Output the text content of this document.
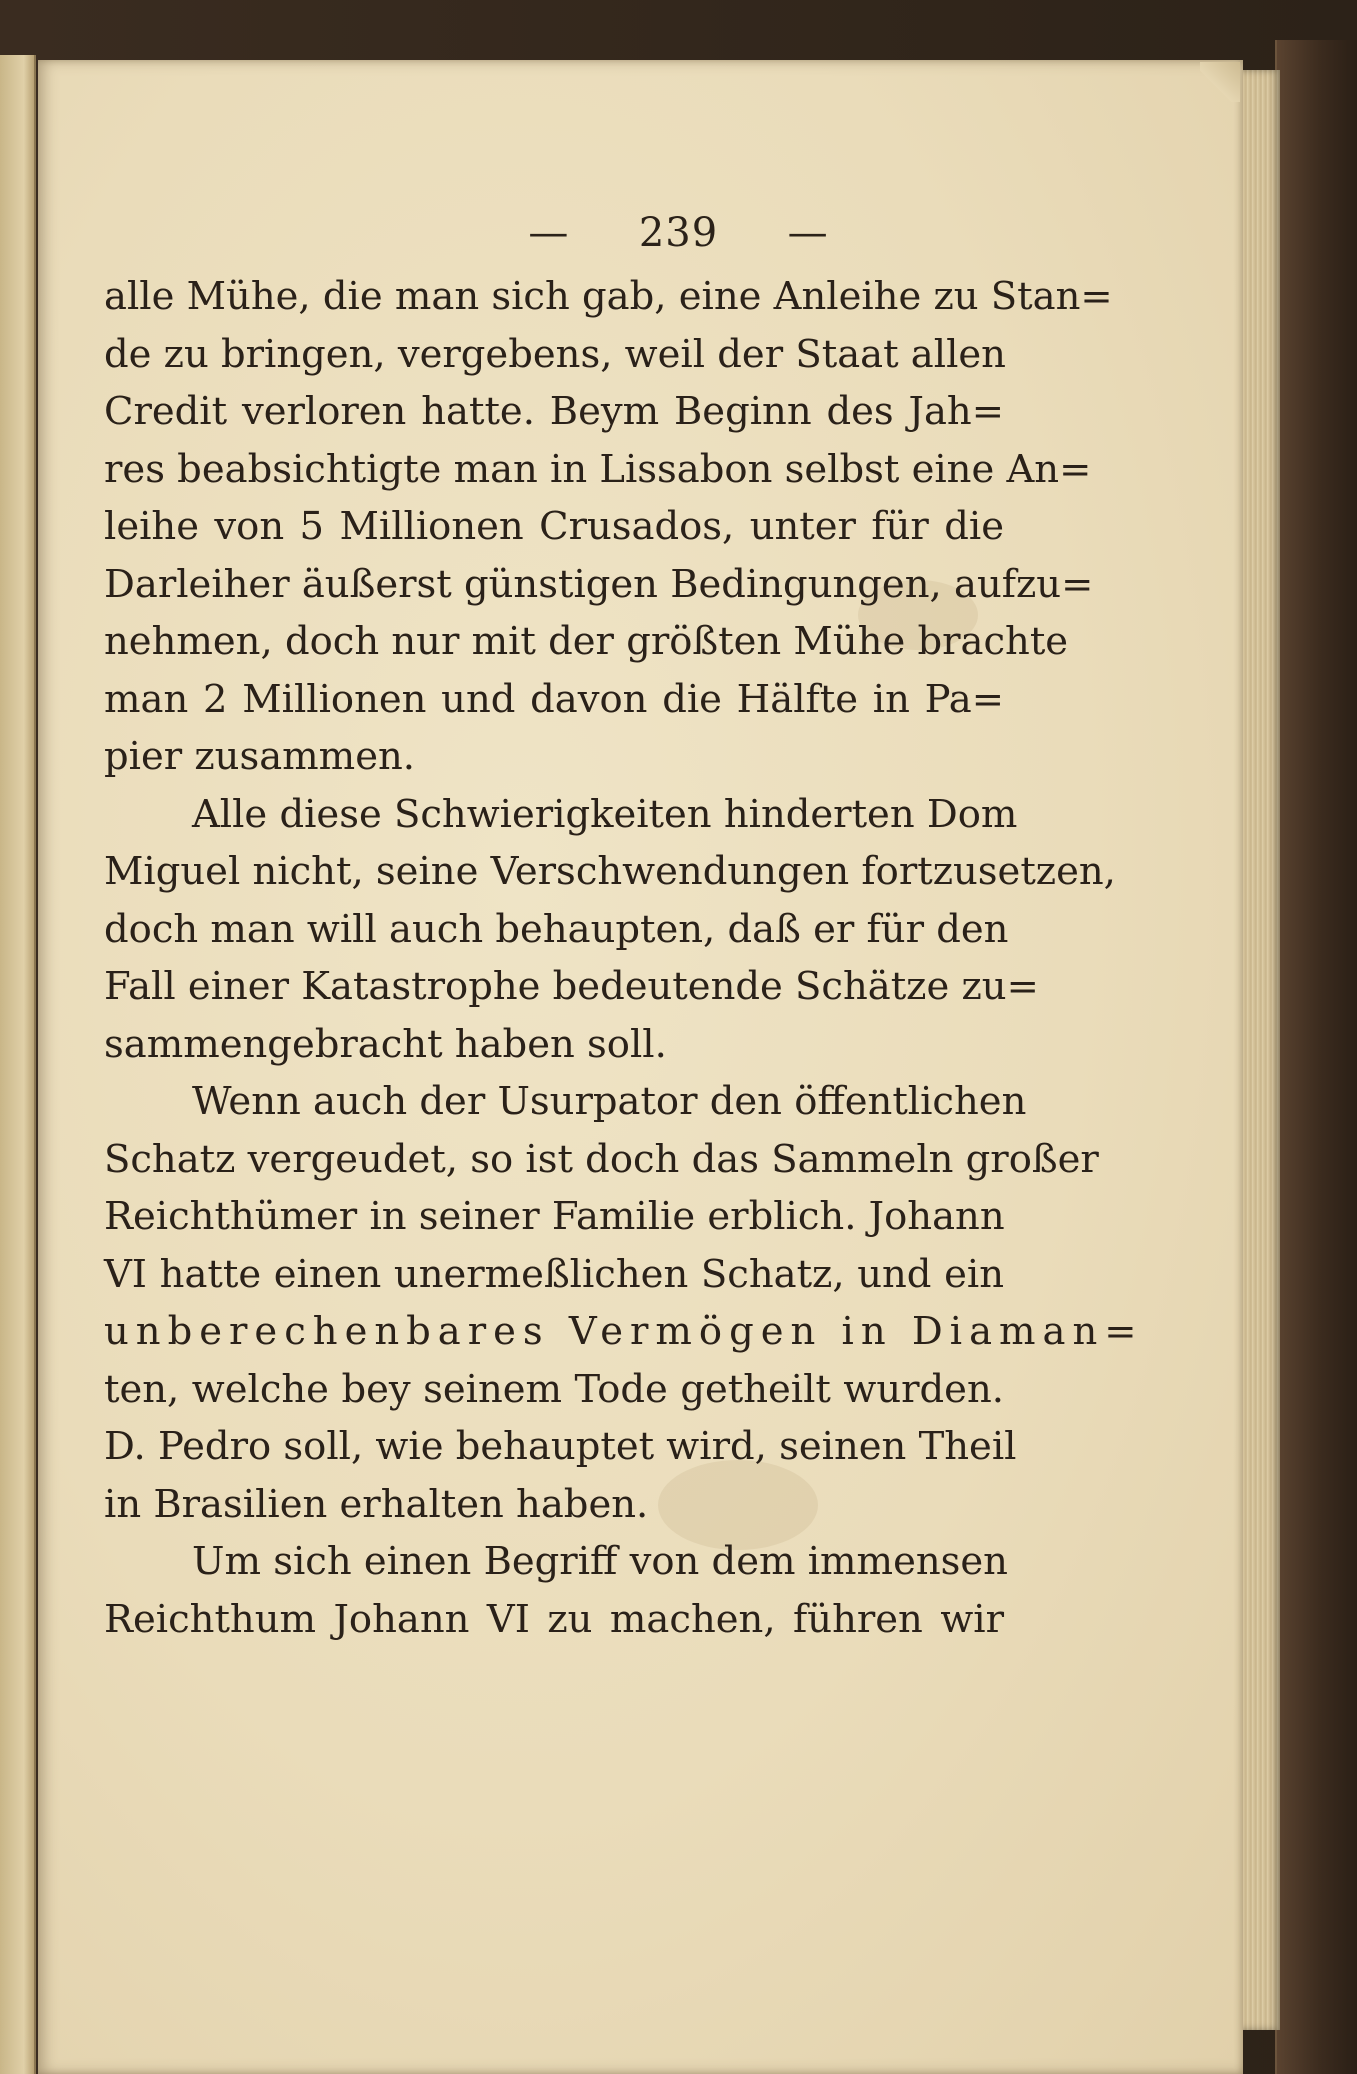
— 239 —
alle Mühe, die man sich gab, eine Anleihe zu Stan=
de zu bringen, vergebens, weil der Staat allen
Credit verloren hatte. Beym Beginn des Jah=
res beabsichtigte man in Lissabon selbst eine An=
leihe von 5 Millionen Crusados, unter für die
Darleiher äußerst günstigen Bedingungen, aufzu=
nehmen, doch nur mit der größten Mühe brachte
man 2 Millionen und davon die Hälfte in Pa=
pier zusammen.
Alle diese Schwierigkeiten hinderten Dom
Miguel nicht, seine Verschwendungen fortzusetzen,
doch man will auch behaupten, daß er für den
Fall einer Katastrophe bedeutende Schätze zu=
sammengebracht haben soll.
Wenn auch der Usurpator den öffentlichen
Schatz vergeudet, so ist doch das Sammeln großer
Reichthümer in seiner Familie erblich. Johann
VI hatte einen unermeßlichen Schatz, und ein
unberechenbares Vermögen in Diaman=
ten, welche bey seinem Tode getheilt wurden.
D. Pedro soll, wie behauptet wird, seinen Theil
in Brasilien erhalten haben.
Um sich einen Begriff von dem immensen
Reichthum Johann VI zu machen, führen wir
